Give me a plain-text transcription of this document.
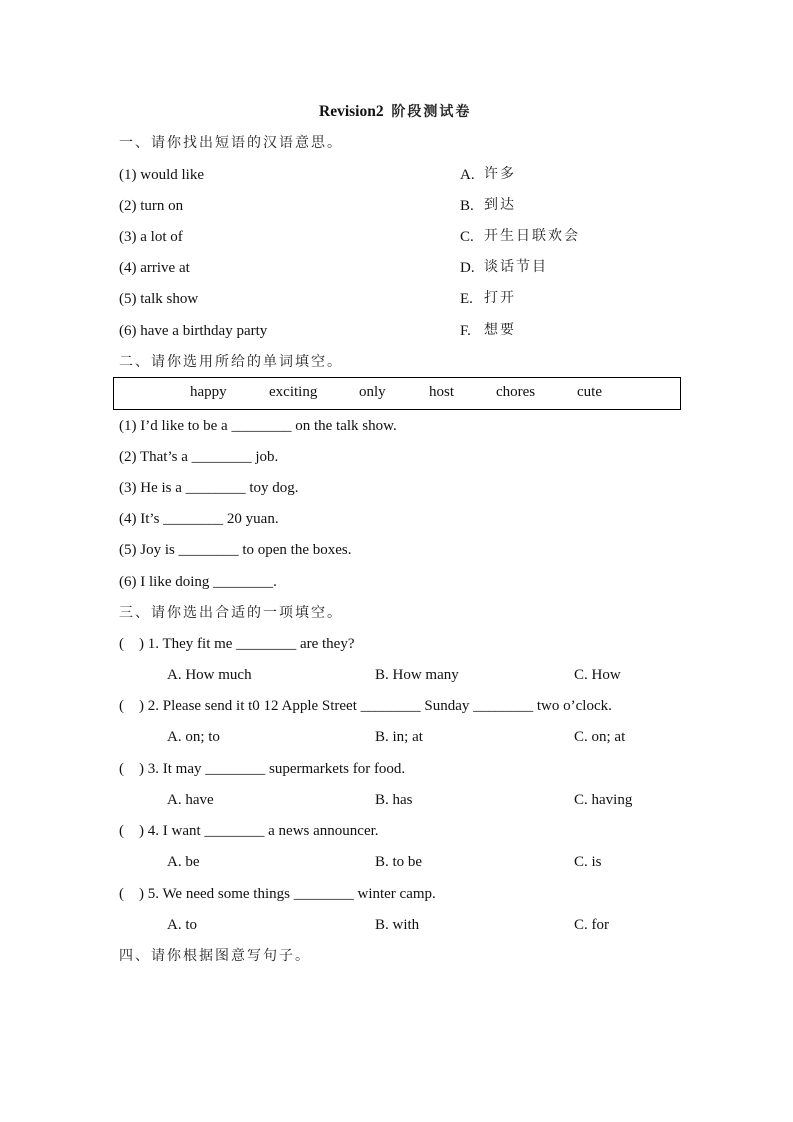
Revision2 阶段测试卷
一、请你找出短语的汉语意思。
(1) would like	A. 许多
(2) turn on	B. 到达
(3) a lot of	C. 开生日联欢会
(4) arrive at	D. 谈话节目
(5) talk show	E. 打开
(6) have a birthday party	F. 想要
二、请你选用所给的单词填空。
happy	exciting	only	host	chores	cute
(1) I’d like to be a ________ on the talk show.
(2) That’s a ________ job.
(3) He is a ________ toy dog.
(4) It’s ________ 20 yuan.
(5) Joy is ________ to open the boxes.
(6) I like doing ________.
三、请你选出合适的一项填空。
(    ) 1. They fit me ________ are they?
A. How much	B. How many	C. How
(    ) 2. Please send it t0 12 Apple Street ________ Sunday ________ two o’clock.
A. on; to	B. in; at	C. on; at
(    ) 3. It may ________ supermarkets for food.
A. have	B. has	C. having
(    ) 4. I want ________ a news announcer.
A. be	B. to be	C. is
(    ) 5. We need some things ________ winter camp.
A. to	B. with	C. for
四、请你根据图意写句子。
